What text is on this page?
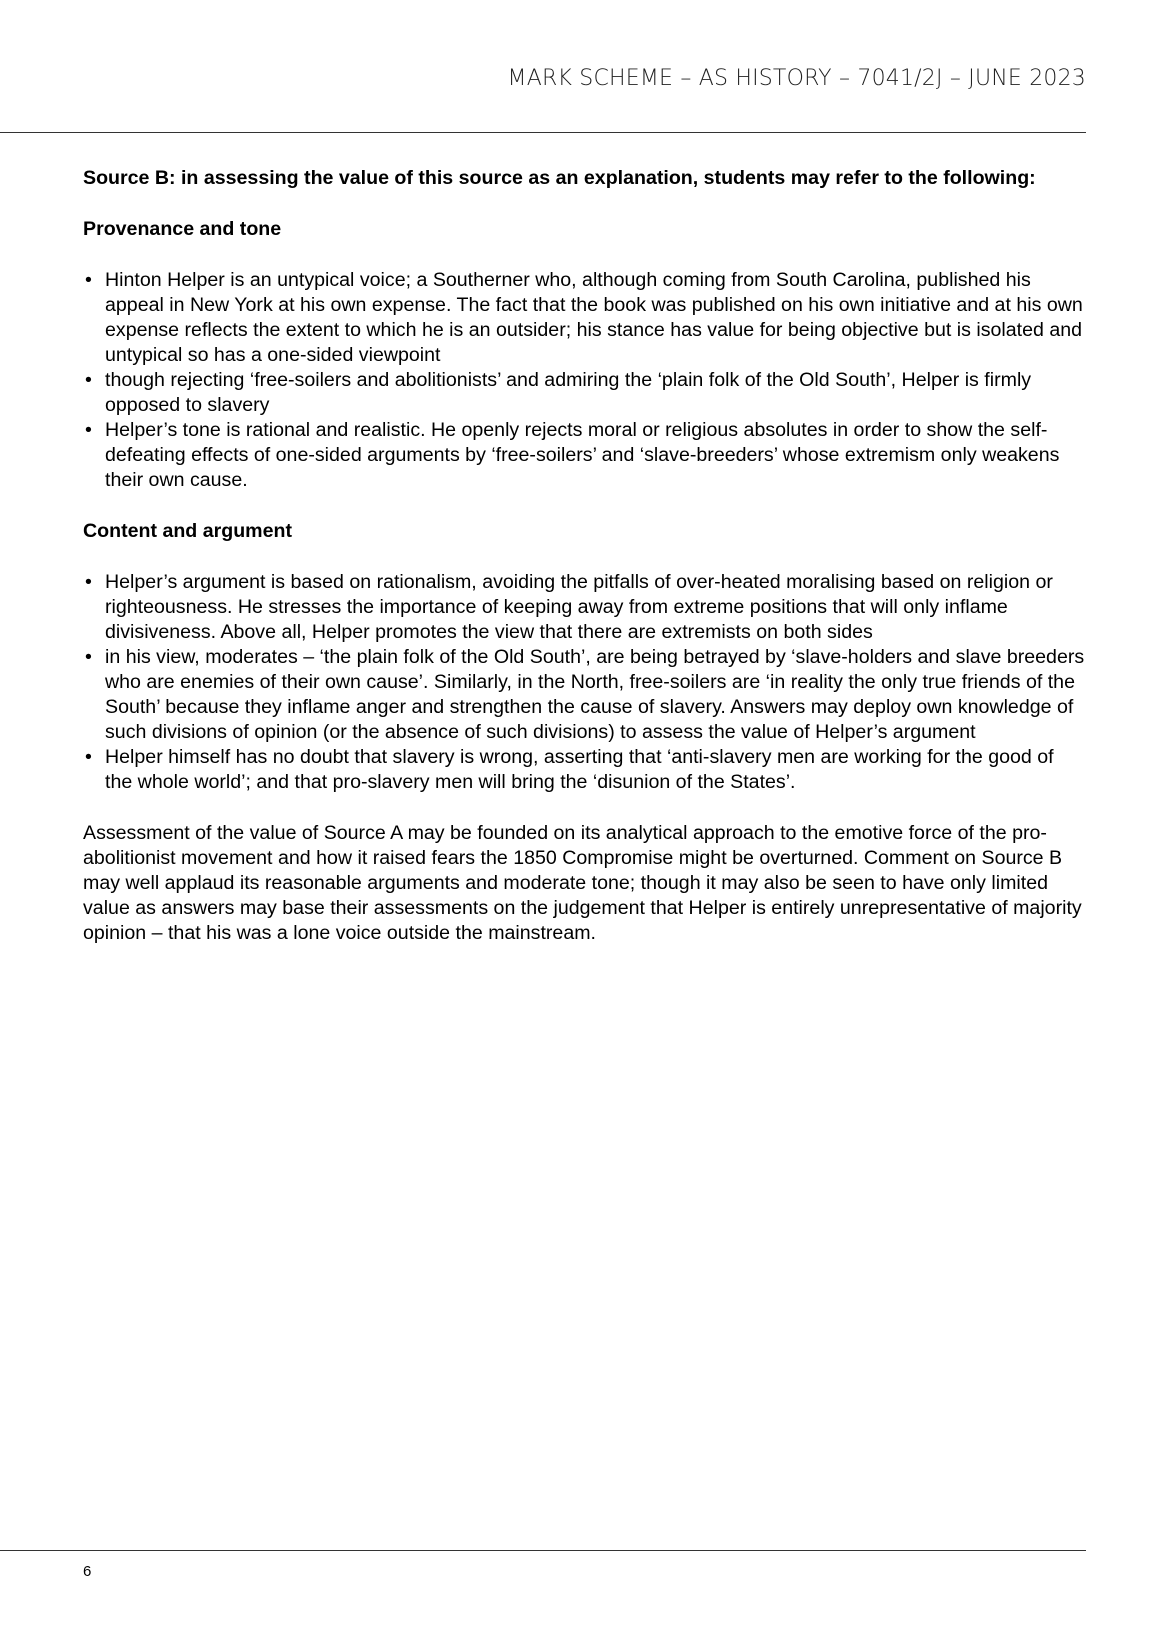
MARK SCHEME – AS HISTORY – 7041/2J – JUNE 2023

Source B: in assessing the value of this source as an explanation, students may refer to the following:

Provenance and tone

• Hinton Helper is an untypical voice; a Southerner who, although coming from South Carolina, published his appeal in New York at his own expense. The fact that the book was published on his own initiative and at his own expense reflects the extent to which he is an outsider; his stance has value for being objective but is isolated and untypical so has a one-sided viewpoint
• though rejecting ‘free-soilers and abolitionists’ and admiring the ‘plain folk of the Old South’, Helper is firmly opposed to slavery
• Helper’s tone is rational and realistic. He openly rejects moral or religious absolutes in order to show the self-defeating effects of one-sided arguments by ‘free-soilers’ and ‘slave-breeders’ whose extremism only weakens their own cause.

Content and argument

• Helper’s argument is based on rationalism, avoiding the pitfalls of over-heated moralising based on religion or righteousness. He stresses the importance of keeping away from extreme positions that will only inflame divisiveness. Above all, Helper promotes the view that there are extremists on both sides
• in his view, moderates – ‘the plain folk of the Old South’, are being betrayed by ‘slave-holders and slave breeders who are enemies of their own cause’. Similarly, in the North, free-soilers are ‘in reality the only true friends of the South’ because they inflame anger and strengthen the cause of slavery. Answers may deploy own knowledge of such divisions of opinion (or the absence of such divisions) to assess the value of Helper’s argument
• Helper himself has no doubt that slavery is wrong, asserting that ‘anti-slavery men are working for the good of the whole world’; and that pro-slavery men will bring the ‘disunion of the States’.

Assessment of the value of Source A may be founded on its analytical approach to the emotive force of the pro-abolitionist movement and how it raised fears the 1850 Compromise might be overturned. Comment on Source B may well applaud its reasonable arguments and moderate tone; though it may also be seen to have only limited value as answers may base their assessments on the judgement that Helper is entirely unrepresentative of majority opinion – that his was a lone voice outside the mainstream.

6
